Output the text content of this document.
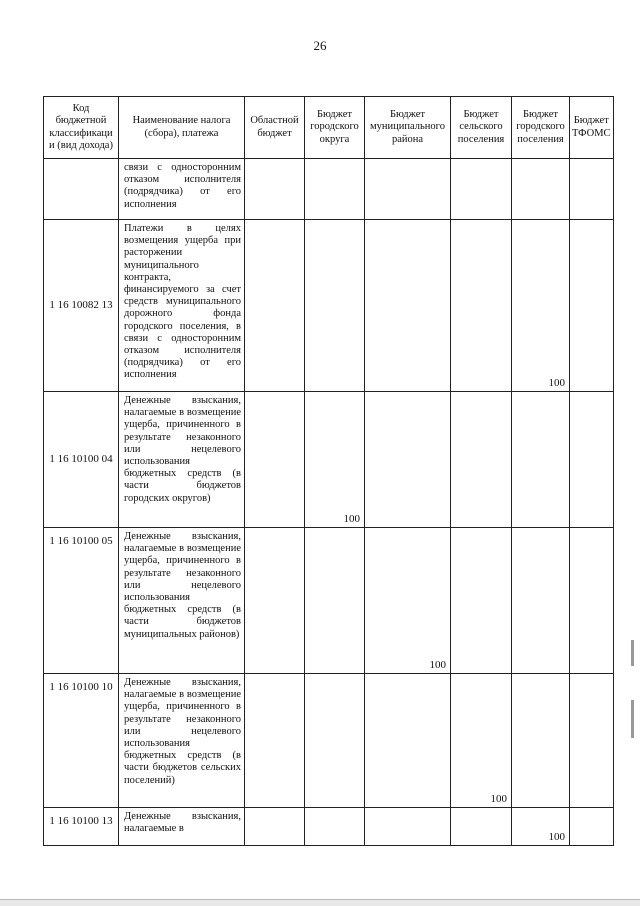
26
Код бюджетной классификаци и (вид дохода)	Наименование налога (сбора), платежа	Областной бюджет	Бюджет городского округа	Бюджет муниципального района	Бюджет сельского поселения	Бюджет городского поселения	Бюджет ТФОМС
	связи с односторонним отказом исполнителя (подрядчика) от его исполнения						
1 16 10082 13	Платежи в целях возмещения ущерба при расторжении муниципального контракта, финансируемого за счет средств муниципального дорожного фонда городского поселения, в связи с односторонним отказом исполнителя (подрядчика) от его исполнения					100	
1 16 10100 04	Денежные взыскания, налагаемые в возмещение ущерба, причиненного в результате незаконного или нецелевого использования бюджетных средств (в части бюджетов городских округов)		100				
1 16 10100 05	Денежные взыскания, налагаемые в возмещение ущерба, причиненного в результате незаконного или нецелевого использования бюджетных средств (в части бюджетов муниципальных районов)			100			
1 16 10100 10	Денежные взыскания, налагаемые в возмещение ущерба, причиненного в результате незаконного или нецелевого использования бюджетных средств (в части бюджетов сельских поселений)				100		
1 16 10100 13	Денежные взыскания, налагаемые в					100	
